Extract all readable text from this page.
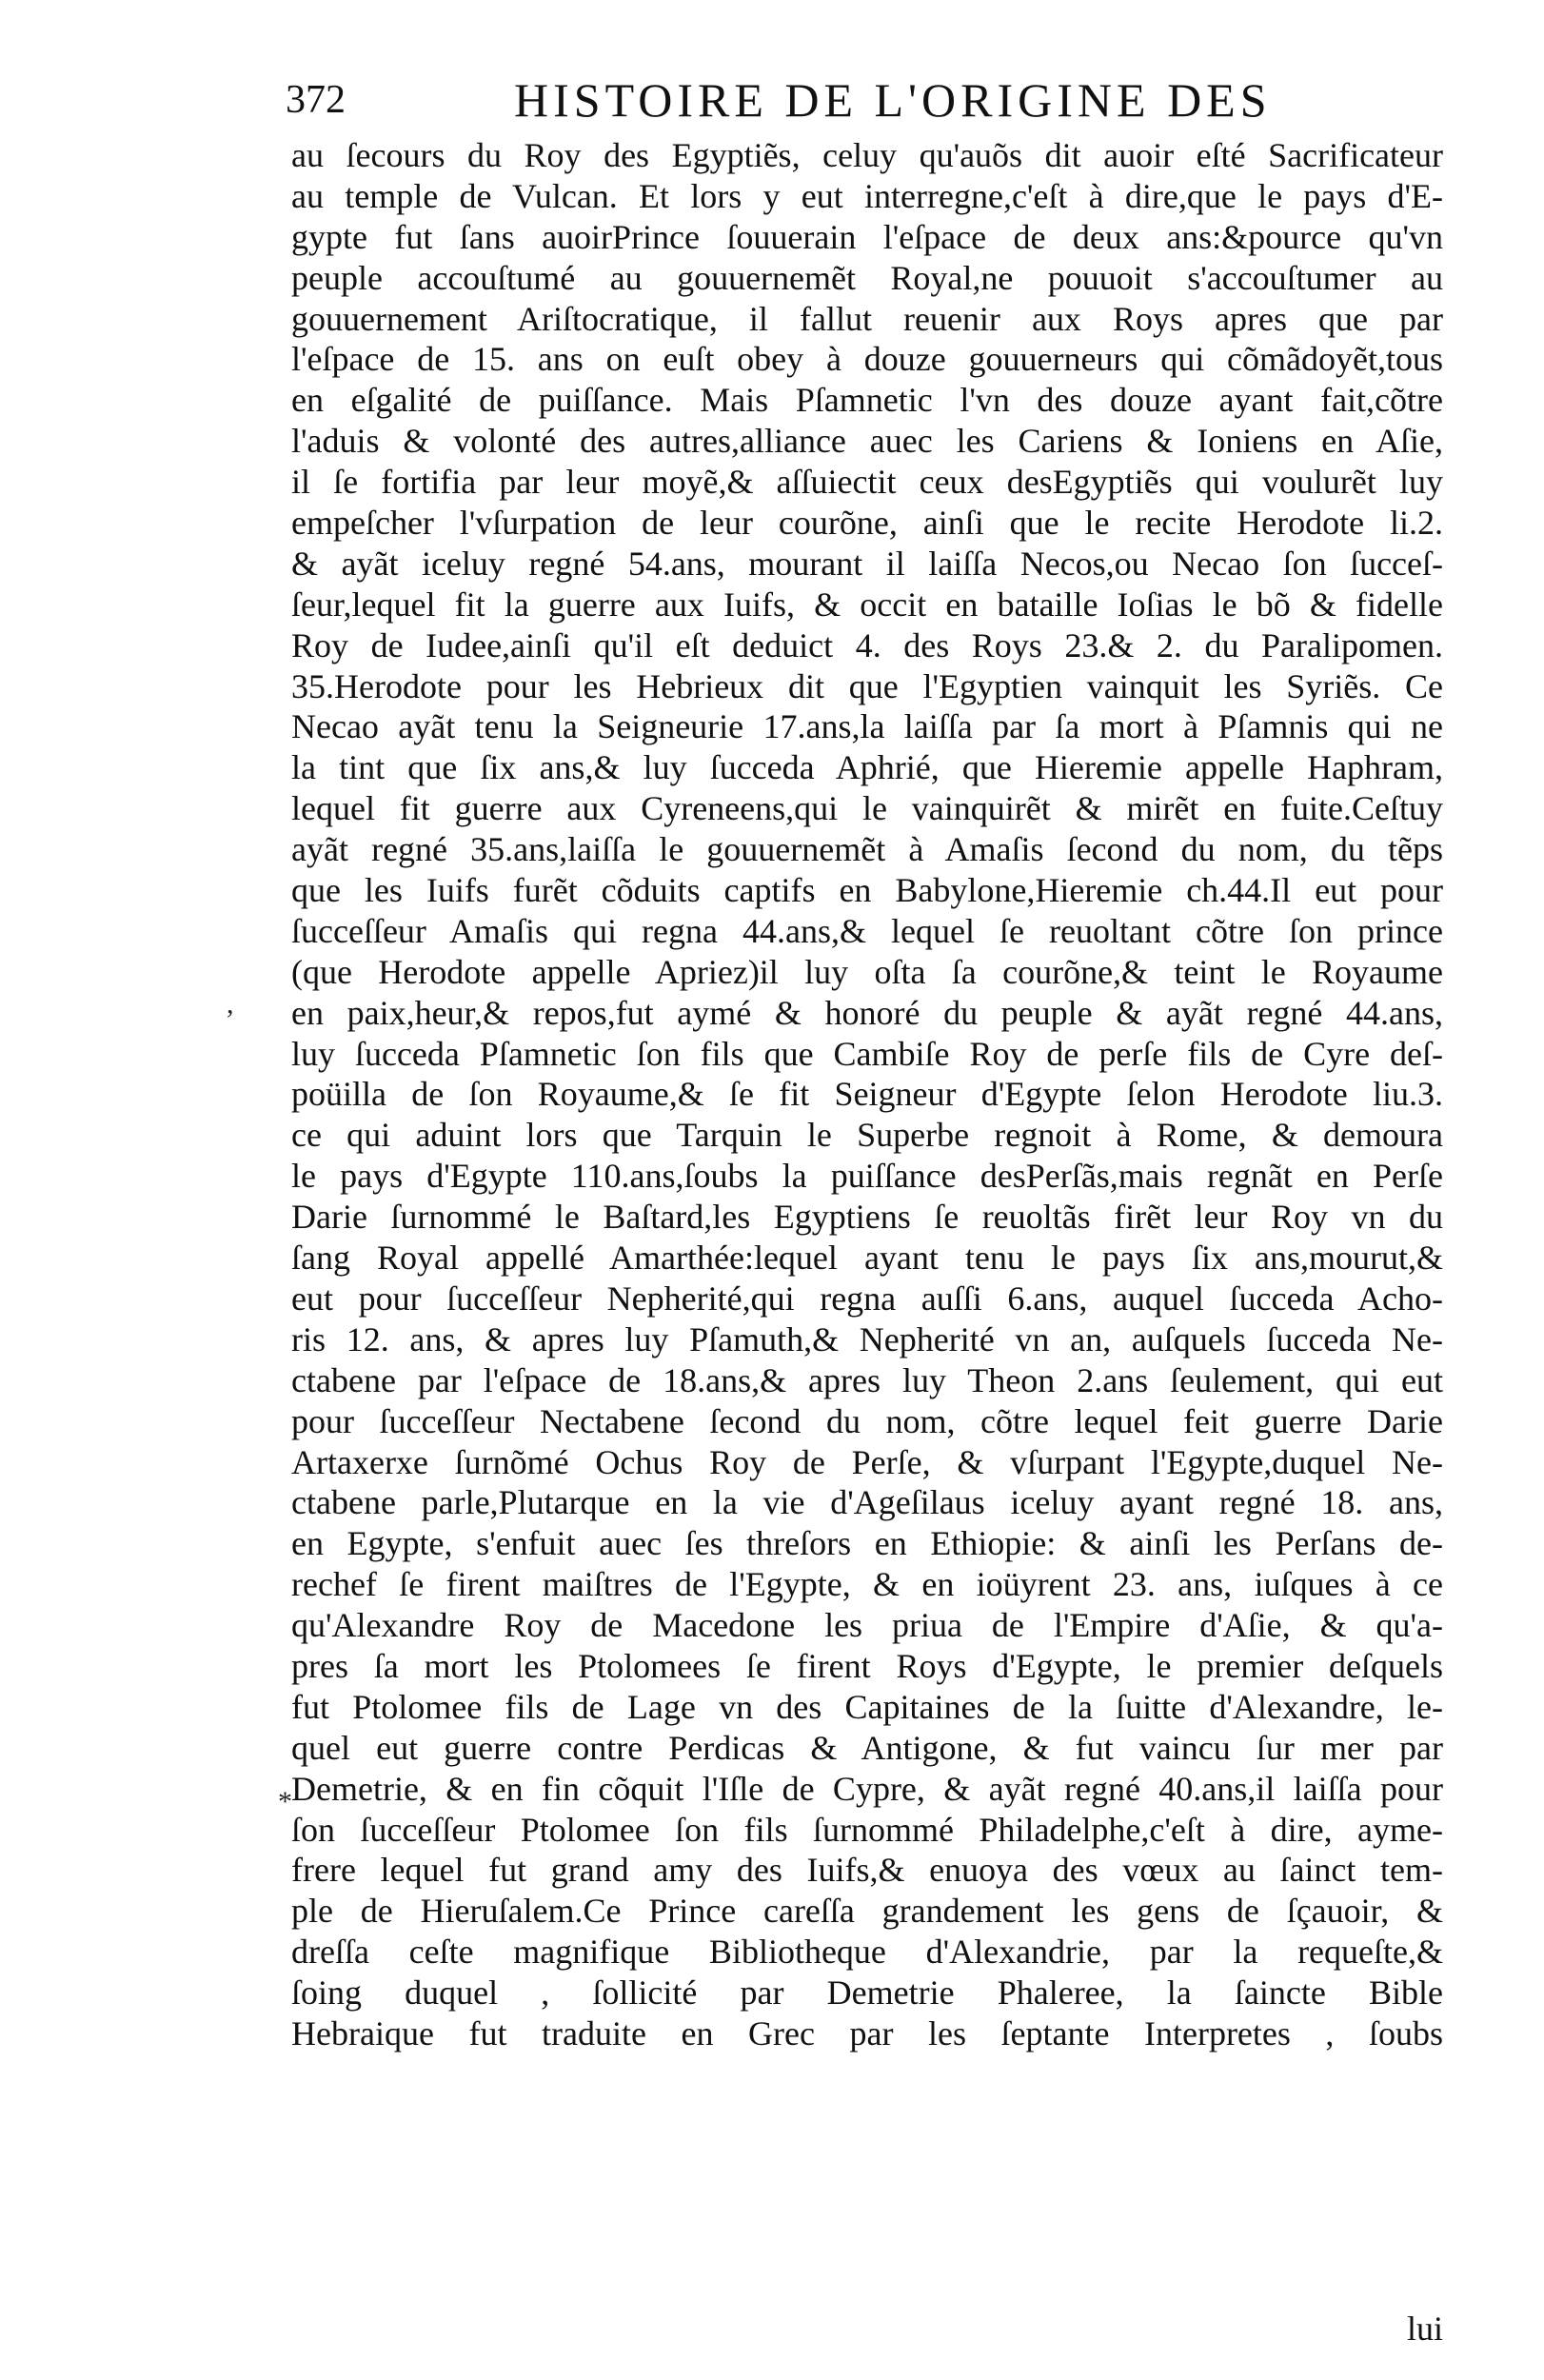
372	HISTOIRE DE L'ORIGINE DES
au ſecours du Roy des Egyptiẽs, celuy qu'auõs dit auoir eſté Sacrificateur
au temple de Vulcan. Et lors y eut interregne,c'eſt à dire,que le pays d'E-
gypte fut ſans auoirPrince ſouuerain l'eſpace de deux ans:&pource qu'vn
peuple accouſtumé au gouuernemẽt Royal,ne pouuoit s'accouſtumer au
gouuernement Ariſtocratique, il fallut reuenir aux Roys apres que par
l'eſpace de 15. ans on euſt obey à douze gouuerneurs qui cõmãdoyẽt,tous
en eſgalité de puiſſance. Mais Pſamnetic l'vn des douze ayant fait,cõtre
l'aduis & volonté des autres,alliance auec les Cariens & Ioniens en Aſie,
il ſe fortifia par leur moyẽ,& aſſuiectit ceux desEgyptiẽs qui voulurẽt luy
empeſcher l'vſurpation de leur courõne, ainſi que le recite Herodote li.2.
& ayãt iceluy regné 54.ans, mourant il laiſſa Necos,ou Necao ſon ſucceſ-
ſeur,lequel fit la guerre aux Iuifs, & occit en bataille Ioſias le bõ & fidelle
Roy de Iudee,ainſi qu'il eſt deduict 4. des Roys 23.& 2. du Paralipomen.
35.Herodote pour les Hebrieux dit que l'Egyptien vainquit les Syriẽs. Ce
Necao ayãt tenu la Seigneurie 17.ans,la laiſſa par ſa mort à Pſamnis qui ne
la tint que ſix ans,& luy ſucceda Aphrié, que Hieremie appelle Haphram,
lequel fit guerre aux Cyreneens,qui le vainquirẽt & mirẽt en fuite.Ceſtuy
ayãt regné 35.ans,laiſſa le gouuernemẽt à Amaſis ſecond du nom, du tẽps
que les Iuifs furẽt cõduits captifs en Babylone,Hieremie ch.44.Il eut pour
ſucceſſeur Amaſis qui regna 44.ans,& lequel ſe reuoltant cõtre ſon prince
(que Herodote appelle Apriez)il luy oſta ſa courõne,& teint le Royaume
en paix,heur,& repos,fut aymé & honoré du peuple & ayãt regné 44.ans,
luy ſucceda Pſamnetic ſon fils que Cambiſe Roy de perſe fils de Cyre deſ-
poüilla de ſon Royaume,& ſe fit Seigneur d'Egypte ſelon Herodote liu.3.
ce qui aduint lors que Tarquin le Superbe regnoit à Rome, & demoura
le pays d'Egypte 110.ans,ſoubs la puiſſance desPerſãs,mais regnãt en Perſe
Darie ſurnommé le Baſtard,les Egyptiens ſe reuoltãs firẽt leur Roy vn du
ſang Royal appellé Amarthée:lequel ayant tenu le pays ſix ans,mourut,&
eut pour ſucceſſeur Nepherité,qui regna auſſi 6.ans, auquel ſucceda Acho-
ris 12. ans, & apres luy Pſamuth,& Nepherité vn an, auſquels ſucceda Ne-
ctabene par l'eſpace de 18.ans,& apres luy Theon 2.ans ſeulement, qui eut
pour ſucceſſeur Nectabene ſecond du nom, cõtre lequel feit guerre Darie
Artaxerxe ſurnõmé Ochus Roy de Perſe, & vſurpant l'Egypte,duquel Ne-
ctabene parle,Plutarque en la vie d'Ageſilaus iceluy ayant regné 18. ans,
en Egypte, s'enfuit auec ſes threſors en Ethiopie: & ainſi les Perſans de-
rechef ſe firent maiſtres de l'Egypte, & en ioüyrent 23. ans, iuſques à ce
qu'Alexandre Roy de Macedone les priua de l'Empire d'Aſie, & qu'a-
pres ſa mort les Ptolomees ſe firent Roys d'Egypte, le premier deſquels
fut Ptolomee fils de Lage vn des Capitaines de la ſuitte d'Alexandre, le-
quel eut guerre contre Perdicas & Antigone, & fut vaincu ſur mer par
Demetrie, & en fin cõquit l'Iſle de Cypre, & ayãt regné 40.ans,il laiſſa pour
ſon ſucceſſeur Ptolomee ſon fils ſurnommé Philadelphe,c'eſt à dire, ayme-
frere lequel fut grand amy des Iuifs,& enuoya des vœux au ſainct tem-
ple de Hieruſalem.Ce Prince careſſa grandement les gens de ſçauoir, &
dreſſa ceſte magnifique Bibliotheque d'Alexandrie, par la requeſte,&
ſoing duquel , ſollicité par Demetrie Phaleree, la ſaincte Bible
Hebraique fut traduite en Grec par les ſeptante Interpretes , ſoubs
,
*
lui
